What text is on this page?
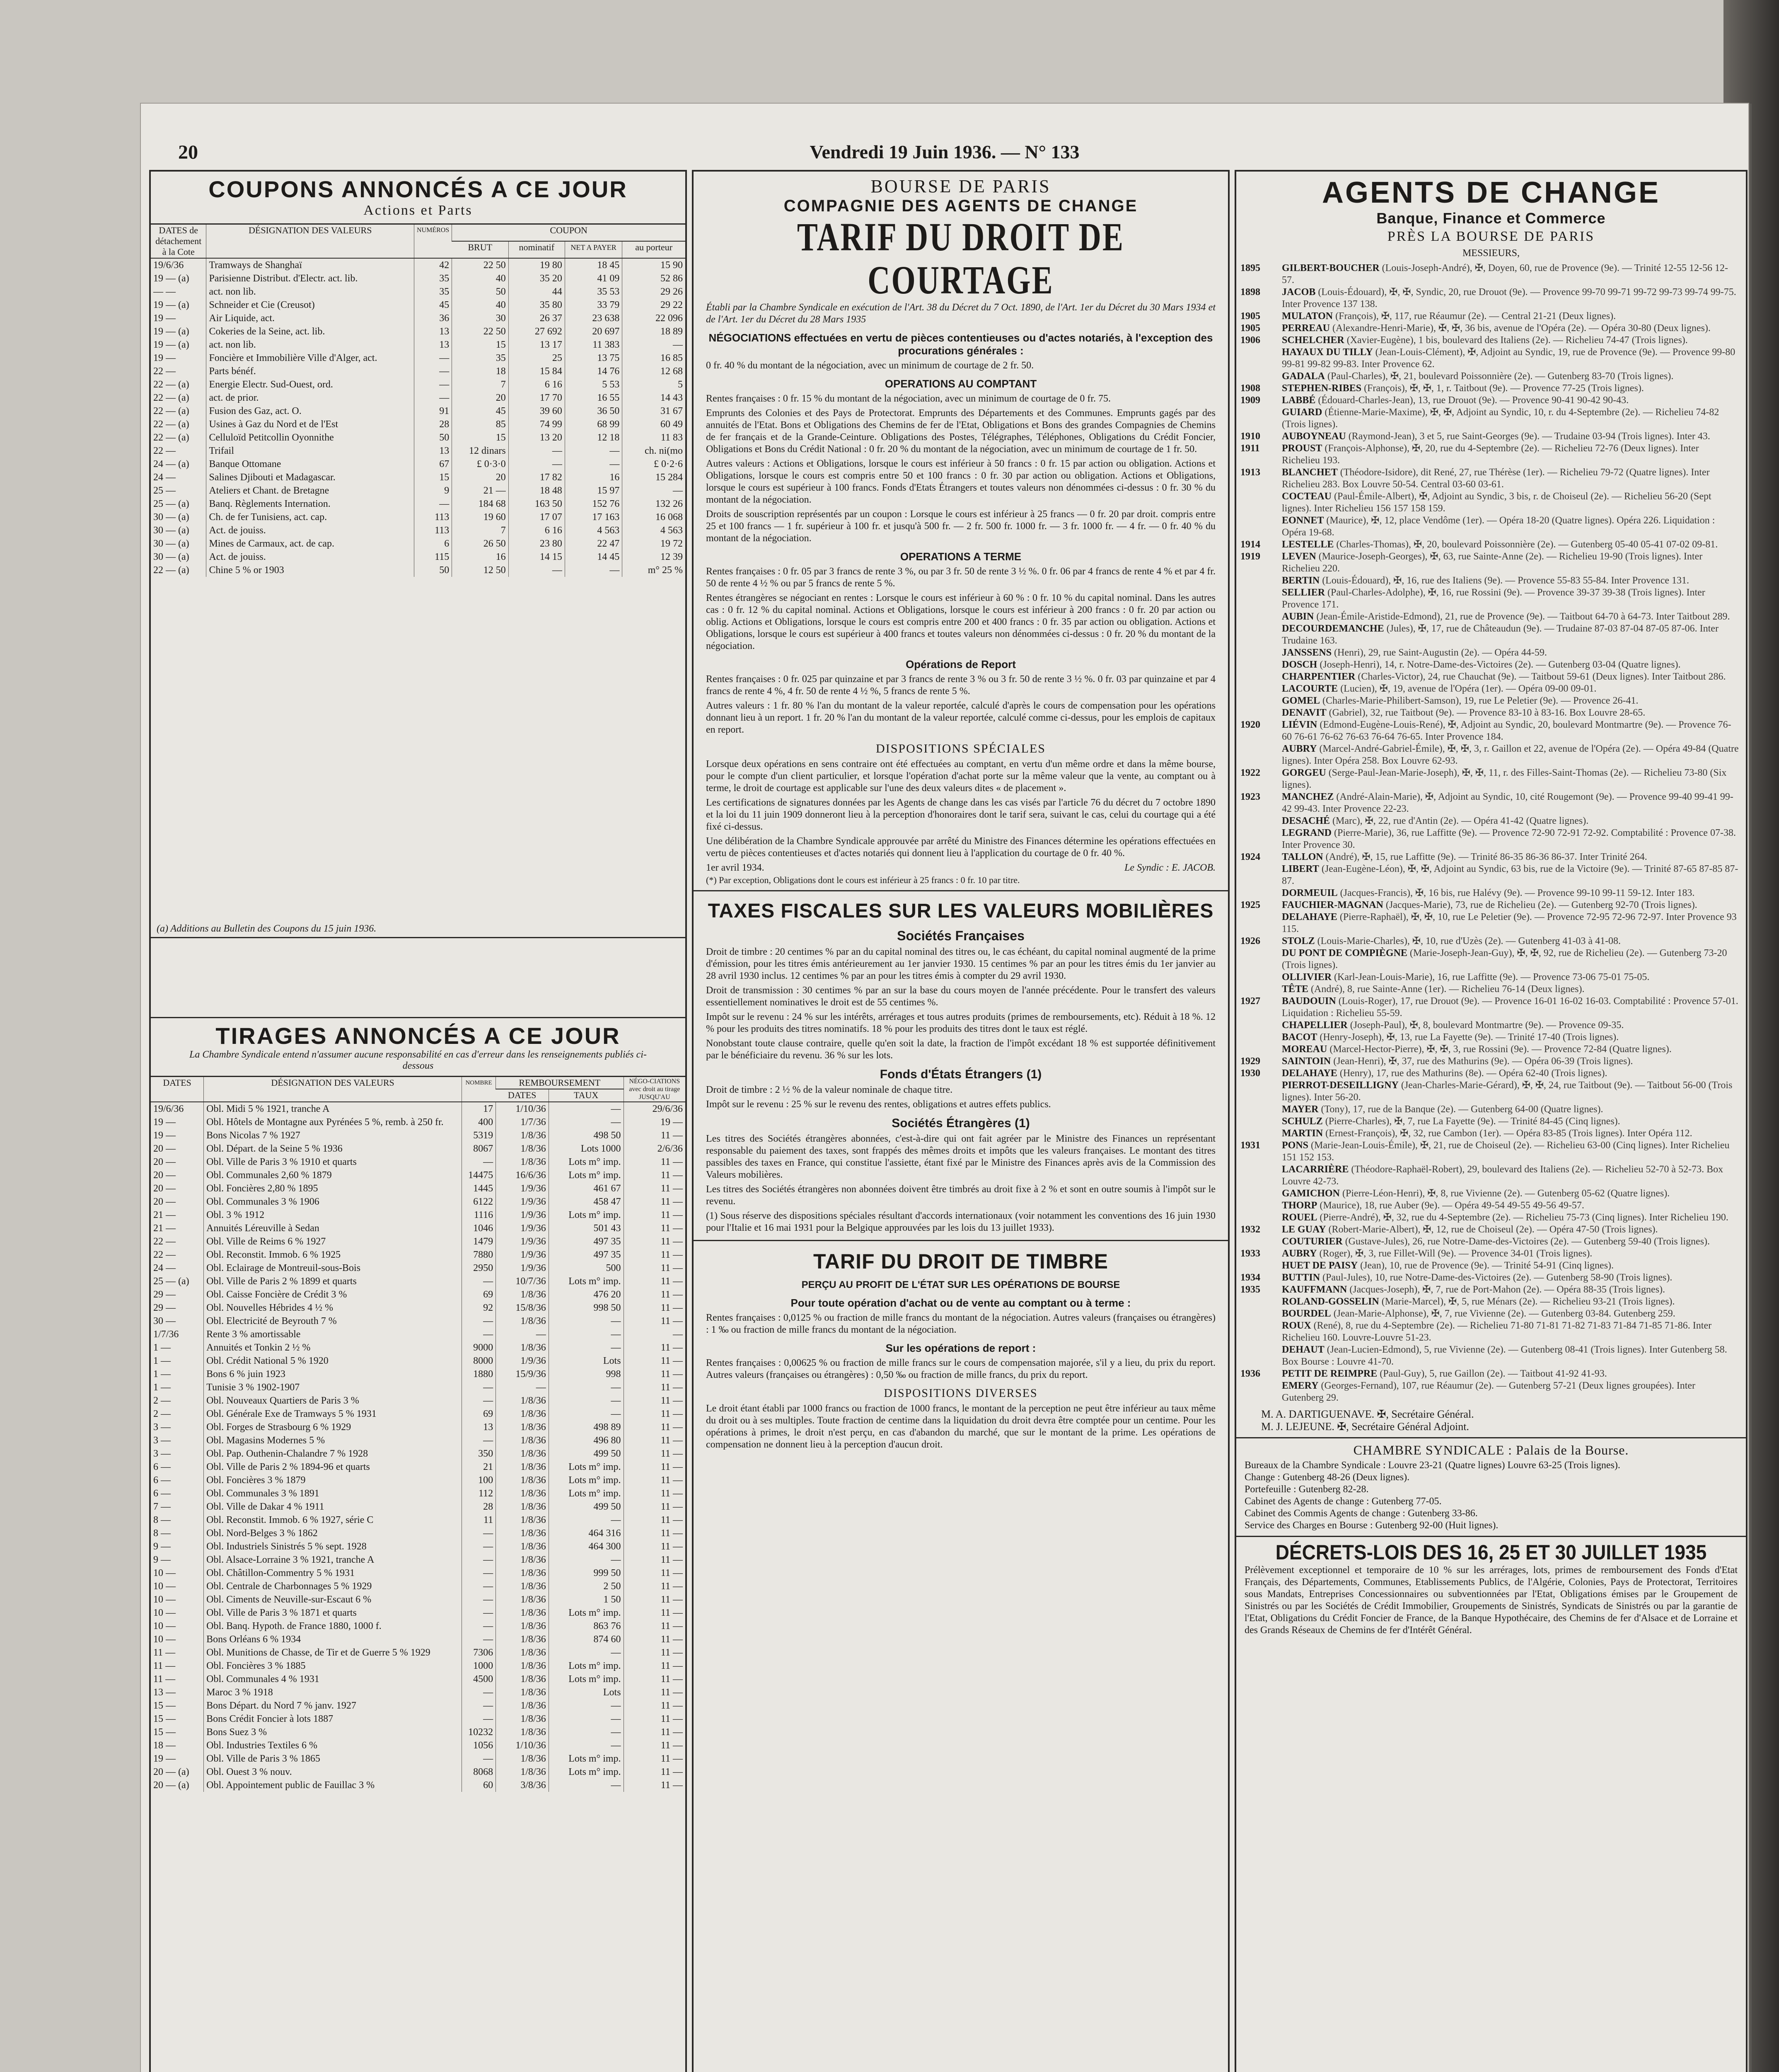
20	Vendredi 19 Juin 1936. — N° 133
COUPONS ANNONCÉS A CE JOUR
Actions et Parts
DATES de détachement à la Cote	DÉSIGNATION DES VALEURS	NUMÉROS	COUPON			
			BRUT	nominatif	NET A PAYER	au porteur
19/6/36	Tramways de Shanghaï	42	22 50	19 80	18 45	15 90
19 — (a)	Parisienne Distribut. d'Electr. act. lib.	35	40	35 20	41 09	52 86
— —	act. non lib.	35	50	44	35 53	29 26
19 — (a)	Schneider et Cie (Creusot)	45	40	35 80	33 79	29 22
19 —	Air Liquide, act.	36	30	26 37	23 638	22 096
19 — (a)	Cokeries de la Seine, act. lib.	13	22 50	27 692	20 697	18 89
19 — (a)	act. non lib.	13	15	13 17	11 383	—
19 —	Foncière et Immobilière Ville d'Alger, act.	—	35	25	13 75	16 85
22 —	Parts bénéf.	—	18	15 84	14 76	12 68
22 — (a)	Energie Electr. Sud-Ouest, ord.	—	7	6 16	5 53	5
22 — (a)	act. de prior.	—	20	17 70	16 55	14 43
22 — (a)	Fusion des Gaz, act. O.	91	45	39 60	36 50	31 67
22 — (a)	Usines à Gaz du Nord et de l'Est	28	85	74 99	68 99	60 49
22 — (a)	Celluloïd Petitcollin Oyonnithe	50	15	13 20	12 18	11 83
22 —	Trifail	13	12 dinars	—	—	ch. ni(mo
24 — (a)	Banque Ottomane	67	£ 0·3·0	—	—	£ 0·2·6
24 —	Salines Djibouti et Madagascar.	15	20	17 82	16	15 284
25 —	Ateliers et Chant. de Bretagne	9	21 —	18 48	15 97	—
25 — (a)	Banq. Règlements Internation.	—	184 68	163 50	152 76	132 26
30 — (a)	Ch. de fer Tunisiens, act. cap.	113	19 60	17 07	17 163	16 068
30 — (a)	Act. de jouiss.	113	7	6 16	4 563	4 563
30 — (a)	Mines de Carmaux, act. de cap.	6	26 50	23 80	22 47	19 72
30 — (a)	Act. de jouiss.	115	16	14 15	14 45	12 39
22 — (a)	Chine 5 % or 1903	50	12 50	—	—	m° 25 %
(a) Additions au Bulletin des Coupons du 15 juin 1936.
TIRAGES ANNONCÉS A CE JOUR
La Chambre Syndicale entend n'assumer aucune responsabilité en cas d'erreur dans les renseignements publiés ci-dessous
DATES	DÉSIGNATION DES VALEURS	NOMBRE	REMBOURSEMENT		NÉGO-CIATIONS avec droit au tirage JUSQU'AU
			DATES	TAUX	
19/6/36	Obl. Midi 5 % 1921, tranche A	17	1/10/36	—	29/6/36
19 —	Obl. Hôtels de Montagne aux Pyrénées 5 %, remb. à 250 fr.	400	1/7/36	—	19 —
19 —	Bons Nicolas 7 % 1927	5319	1/8/36	498 50	11 —
20 —	Obl. Départ. de la Seine 5 % 1936	8067	1/8/36	Lots 1000	2/6/36
20 —	Obl. Ville de Paris 3 % 1910 et quarts	—	1/8/36	Lots m° imp.	11 —
20 —	Obl. Communales 2,60 % 1879	14475	16/6/36	Lots m° imp.	11 —
20 —	Obl. Foncières 2,80 % 1895	1445	1/9/36	461 67	11 —
20 —	Obl. Communales 3 % 1906	6122	1/9/36	458 47	11 —
21 —	Obl. 3 % 1912	1116	1/9/36	Lots m° imp.	11 —
21 —	Annuités Léreuville à Sedan	1046	1/9/36	501 43	11 —
22 —	Obl. Ville de Reims 6 % 1927	1479	1/9/36	497 35	11 —
22 —	Obl. Reconstit. Immob. 6 % 1925	7880	1/9/36	497 35	11 —
24 —	Obl. Eclairage de Montreuil-sous-Bois	2950	1/9/36	500	11 —
25 — (a)	Obl. Ville de Paris 2 % 1899 et quarts	—	10/7/36	Lots m° imp.	11 —
29 —	Obl. Caisse Foncière de Crédit 3 %	69	1/8/36	476 20	11 —
29 —	Obl. Nouvelles Hébrides 4 ½ %	92	15/8/36	998 50	11 —
30 —	Obl. Electricité de Beyrouth 7 %	—	1/8/36	—	11 —
1/7/36	Rente 3 % amortissable	—	—	—	—
1 —	Annuités et Tonkin 2 ½ %	9000	1/8/36	—	11 —
1 —	Obl. Crédit National 5 % 1920	8000	1/9/36	Lots	11 —
1 —	Bons 6 % juin 1923	1880	15/9/36	998	11 —
1 —	Tunisie 3 % 1902-1907	—	—	—	11 —
2 —	Obl. Nouveaux Quartiers de Paris 3 %	—	1/8/36	—	11 —
2 —	Obl. Générale Exe de Tramways 5 % 1931	69	1/8/36	—	11 —
3 —	Obl. Forges de Strasbourg 6 % 1929	13	1/8/36	498 89	11 —
3 —	Obl. Magasins Modernes 5 %	—	1/8/36	496 80	11 —
3 —	Obl. Pap. Outhenin-Chalandre 7 % 1928	350	1/8/36	499 50	11 —
6 —	Obl. Ville de Paris 2 % 1894-96 et quarts	21	1/8/36	Lots m° imp.	11 —
6 —	Obl. Foncières 3 % 1879	100	1/8/36	Lots m° imp.	11 —
6 —	Obl. Communales 3 % 1891	112	1/8/36	Lots m° imp.	11 —
7 —	Obl. Ville de Dakar 4 % 1911	28	1/8/36	499 50	11 —
8 —	Obl. Reconstit. Immob. 6 % 1927, série C	11	1/8/36	—	11 —
8 —	Obl. Nord-Belges 3 % 1862	—	1/8/36	464 316	11 —
9 —	Obl. Industriels Sinistrés 5 % sept. 1928	—	1/8/36	464 300	11 —
9 —	Obl. Alsace-Lorraine 3 % 1921, tranche A	—	1/8/36	—	11 —
10 —	Obl. Châtillon-Commentry 5 % 1931	—	1/8/36	999 50	11 —
10 —	Obl. Centrale de Charbonnages 5 % 1929	—	1/8/36	2 50	11 —
10 —	Obl. Ciments de Neuville-sur-Escaut 6 %	—	1/8/36	1 50	11 —
10 —	Obl. Ville de Paris 3 % 1871 et quarts	—	1/8/36	Lots m° imp.	11 —
10 —	Obl. Banq. Hypoth. de France 1880, 1000 f.	—	1/8/36	863 76	11 —
10 —	Bons Orléans 6 % 1934	—	1/8/36	874 60	11 —
11 —	Obl. Munitions de Chasse, de Tir et de Guerre 5 % 1929	7306	1/8/36	—	11 —
11 —	Obl. Foncières 3 % 1885	1000	1/8/36	Lots m° imp.	11 —
11 —	Obl. Communales 4 % 1931	4500	1/8/36	Lots m° imp.	11 —
13 —	Maroc 3 % 1918	—	1/8/36	Lots	11 —
15 —	Bons Départ. du Nord 7 % janv. 1927	—	1/8/36	—	11 —
15 —	Bons Crédit Foncier à lots 1887	—	1/8/36	—	11 —
15 —	Bons Suez 3 %	10232	1/8/36	—	11 —
18 —	Obl. Industries Textiles 6 %	1056	1/10/36	—	11 —
19 —	Obl. Ville de Paris 3 % 1865	—	1/8/36	Lots m° imp.	11 —
20 — (a)	Obl. Ouest 3 % nouv.	8068	1/8/36	Lots m° imp.	11 —
20 — (a)	Obl. Appointement public de Fauillac 3 %	60	3/8/36	—	11 —
BOURSE DE PARIS
COMPAGNIE DES AGENTS DE CHANGE
TARIF DU DROIT DE COURTAGE
Établi par la Chambre Syndicale en exécution de l'Art. 38 du Décret du 7 Oct. 1890, de l'Art. 1er du Décret du 30 Mars 1934 et de l'Art. 1er du Décret du 28 Mars 1935
NÉGOCIATIONS effectuées en vertu de pièces contentieuses ou d'actes notariés, à l'exception des procurations générales :
0 fr. 40 % du montant de la négociation, avec un minimum de courtage de 2 fr. 50.
OPERATIONS AU COMPTANT
Rentes françaises : 0 fr. 15 % du montant de la négociation, avec un minimum de courtage de 0 fr. 75.
Emprunts des Colonies et des Pays de Protectorat. Emprunts des Départements et des Communes. Emprunts gagés par des annuités de l'Etat. Bons et Obligations des Chemins de fer de l'Etat, Obligations et Bons des grandes Compagnies de Chemins de fer français et de la Grande-Ceinture. Obligations des Postes, Télégraphes, Téléphones, Obligations du Crédit Foncier, Obligations et Bons du Crédit National : 0 fr. 20 % du montant de la négociation, avec un minimum de courtage de 1 fr. 50.
Autres valeurs : Actions et Obligations, lorsque le cours est inférieur à 50 francs : 0 fr. 15 par action ou obligation. Actions et Obligations, lorsque le cours est compris entre 50 et 100 francs : 0 fr. 30 par action ou obligation. Actions et Obligations, lorsque le cours est supérieur à 100 francs. Fonds d'Etats Étrangers et toutes valeurs non dénommées ci-dessus : 0 fr. 30 % du montant de la négociation.
Droits de souscription représentés par un coupon : Lorsque le cours est inférieur à 25 francs — 0 fr. 20 par droit. compris entre 25 et 100 francs — 1 fr. supérieur à 100 fr. et jusqu'à 500 fr. — 2 fr. 500 fr. 1000 fr. — 3 fr. 1000 fr. — 4 fr. — 0 fr. 40 % du montant de la négociation.
OPERATIONS A TERME
Rentes françaises : 0 fr. 05 par 3 francs de rente 3 %, ou par 3 fr. 50 de rente 3 ½ %. 0 fr. 06 par 4 francs de rente 4 % et par 4 fr. 50 de rente 4 ½ % ou par 5 francs de rente 5 %.
Rentes étrangères se négociant en rentes : Lorsque le cours est inférieur à 60 % : 0 fr. 10 % du capital nominal. Dans les autres cas : 0 fr. 12 % du capital nominal. Actions et Obligations, lorsque le cours est inférieur à 200 francs : 0 fr. 20 par action ou oblig. Actions et Obligations, lorsque le cours est compris entre 200 et 400 francs : 0 fr. 35 par action ou obligation. Actions et Obligations, lorsque le cours est supérieur à 400 francs et toutes valeurs non dénommées ci-dessus : 0 fr. 20 % du montant de la négociation.
Opérations de Report
Rentes françaises : 0 fr. 025 par quinzaine et par 3 francs de rente 3 % ou 3 fr. 50 de rente 3 ½ %. 0 fr. 03 par quinzaine et par 4 francs de rente 4 %, 4 fr. 50 de rente 4 ½ %, 5 francs de rente 5 %.
Autres valeurs : 1 fr. 80 % l'an du montant de la valeur reportée, calculé d'après le cours de compensation pour les opérations donnant lieu à un report. 1 fr. 20 % l'an du montant de la valeur reportée, calculé comme ci-dessus, pour les emplois de capitaux en report.
DISPOSITIONS SPÉCIALES
Lorsque deux opérations en sens contraire ont été effectuées au comptant, en vertu d'un même ordre et dans la même bourse, pour le compte d'un client particulier, et lorsque l'opération d'achat porte sur la même valeur que la vente, au comptant ou à terme, le droit de courtage est applicable sur l'une des deux valeurs dites « de placement ».
Les certifications de signatures données par les Agents de change dans les cas visés par l'article 76 du décret du 7 octobre 1890 et la loi du 11 juin 1909 donneront lieu à la perception d'honoraires dont le tarif sera, suivant le cas, celui du courtage qui a été fixé ci-dessus.
Une délibération de la Chambre Syndicale approuvée par arrêté du Ministre des Finances détermine les opérations effectuées en vertu de pièces contentieuses et d'actes notariés qui donnent lieu à l'application du courtage de 0 fr. 40 %.
1er avril 1934.	Le Syndic : E. JACOB.
(*) Par exception, Obligations dont le cours est inférieur à 25 francs : 0 fr. 10 par titre.
TAXES FISCALES SUR LES VALEURS MOBILIÈRES
Sociétés Françaises
Droit de timbre : 20 centimes % par an du capital nominal des titres ou, le cas échéant, du capital nominal augmenté de la prime d'émission, pour les titres émis antérieurement au 1er janvier 1930. 15 centimes % par an pour les titres émis du 1er janvier au 28 avril 1930 inclus. 12 centimes % par an pour les titres émis à compter du 29 avril 1930.
Droit de transmission : 30 centimes % par an sur la base du cours moyen de l'année précédente. Pour le transfert des valeurs essentiellement nominatives le droit est de 55 centimes %.
Impôt sur le revenu : 24 % sur les intérêts, arrérages et tous autres produits (primes de remboursements, etc). Réduit à 18 %. 12 % pour les produits des titres nominatifs. 18 % pour les produits des titres dont le taux est réglé.
Nonobstant toute clause contraire, quelle qu'en soit la date, la fraction de l'impôt excédant 18 % est supportée définitivement par le bénéficiaire du revenu. 36 % sur les lots.
Fonds d'États Étrangers (1)
Droit de timbre : 2 ½ % de la valeur nominale de chaque titre.
Impôt sur le revenu : 25 % sur le revenu des rentes, obligations et autres effets publics.
Sociétés Étrangères (1)
Les titres des Sociétés étrangères abonnées, c'est-à-dire qui ont fait agréer par le Ministre des Finances un représentant responsable du paiement des taxes, sont frappés des mêmes droits et impôts que les valeurs françaises. Le montant des titres passibles des taxes en France, qui constitue l'assiette, étant fixé par le Ministre des Finances après avis de la Commission des Valeurs mobilières.
Les titres des Sociétés étrangères non abonnées doivent être timbrés au droit fixe à 2 % et sont en outre soumis à l'impôt sur le revenu.
(1) Sous réserve des dispositions spéciales résultant d'accords internationaux (voir notamment les conventions des 16 juin 1930 pour l'Italie et 16 mai 1931 pour la Belgique approuvées par les lois du 13 juillet 1933).
TARIF DU DROIT DE TIMBRE
PERÇU AU PROFIT DE L'ÉTAT SUR LES OPÉRATIONS DE BOURSE
Pour toute opération d'achat ou de vente au comptant ou à terme :
Rentes françaises : 0,0125 % ou fraction de mille francs du montant de la négociation. Autres valeurs (françaises ou étrangères) : 1 ‰ ou fraction de mille francs du montant de la négociation.
Sur les opérations de report :
Rentes françaises : 0,00625 % ou fraction de mille francs sur le cours de compensation majorée, s'il y a lieu, du prix du report. Autres valeurs (françaises ou étrangères) : 0,50 ‰ ou fraction de mille francs, du prix du report.
DISPOSITIONS DIVERSES
Le droit étant établi par 1000 francs ou fraction de 1000 francs, le montant de la perception ne peut être inférieur au taux même du droit ou à ses multiples. Toute fraction de centime dans la liquidation du droit devra être comptée pour un centime. Pour les opérations à primes, le droit n'est perçu, en cas d'abandon du marché, que sur le montant de la prime. Les opérations de compensation ne donnent lieu à la perception d'aucun droit.
AGENTS DE CHANGE
Banque, Finance et Commerce
PRÈS LA BOURSE DE PARIS
MESSIEURS,
1895 GILBERT-BOUCHER (Louis-Joseph-André), ✠, Doyen, 60, rue de Provence (9e). — Trinité 12-55 12-56 12-57.
1898 JACOB (Louis-Édouard), ✠, ✠, Syndic, 20, rue Drouot (9e). — Provence 99-70 99-71 99-72 99-73 99-74 99-75. Inter Provence 137 138.
1905 MULATON (François), ✠, 117, rue Réaumur (2e). — Central 21-21 (Deux lignes).
1905 PERREAU (Alexandre-Henri-Marie), ✠, ✠, 36 bis, avenue de l'Opéra (2e). — Opéra 30-80 (Deux lignes).
1906 SCHELCHER (Xavier-Eugène), 1 bis, boulevard des Italiens (2e). — Richelieu 74-47 (Trois lignes).
HAYAUX DU TILLY (Jean-Louis-Clément), ✠, Adjoint au Syndic, 19, rue de Provence (9e). — Provence 99-80 99-81 99-82 99-83. Inter Provence 62.
GADALA (Paul-Charles), ✠, 21, boulevard Poissonnière (2e). — Gutenberg 83-70 (Trois lignes).
1908 STEPHEN-RIBES (François), ✠, ✠, 1, r. Taitbout (9e). — Provence 77-25 (Trois lignes).
1909 LABBÉ (Édouard-Charles-Jean), 13, rue Drouot (9e). — Provence 90-41 90-42 90-43.
GUIARD (Étienne-Marie-Maxime), ✠, ✠, Adjoint au Syndic, 10, r. du 4-Septembre (2e). — Richelieu 74-82 (Trois lignes).
1910 AUBOYNEAU (Raymond-Jean), 3 et 5, rue Saint-Georges (9e). — Trudaine 03-94 (Trois lignes). Inter 43.
1911 PROUST (François-Alphonse), ✠, 20, rue du 4-Septembre (2e). — Richelieu 72-76 (Deux lignes). Inter Richelieu 193.
1913 BLANCHET (Théodore-Isidore), dit René, 27, rue Thérèse (1er). — Richelieu 79-72 (Quatre lignes). Inter Richelieu 283. Box Louvre 50-54. Central 03-60 03-61.
COCTEAU (Paul-Émile-Albert), ✠, Adjoint au Syndic, 3 bis, r. de Choiseul (2e). — Richelieu 56-20 (Sept lignes). Inter Richelieu 156 157 158 159.
EONNET (Maurice), ✠, 12, place Vendôme (1er). — Opéra 18-20 (Quatre lignes). Opéra 226. Liquidation : Opéra 19-68.
1914 LESTELLE (Charles-Thomas), ✠, 20, boulevard Poissonnière (2e). — Gutenberg 05-40 05-41 07-02 09-81.
1919 LEVEN (Maurice-Joseph-Georges), ✠, 63, rue Sainte-Anne (2e). — Richelieu 19-90 (Trois lignes). Inter Richelieu 220.
BERTIN (Louis-Édouard), ✠, 16, rue des Italiens (9e). — Provence 55-83 55-84. Inter Provence 131.
SELLIER (Paul-Charles-Adolphe), ✠, 16, rue Rossini (9e). — Provence 39-37 39-38 (Trois lignes). Inter Provence 171.
AUBIN (Jean-Émile-Aristide-Edmond), 21, rue de Provence (9e). — Taitbout 64-70 à 64-73. Inter Taitbout 289.
DECOURDEMANCHE (Jules), ✠, 17, rue de Châteaudun (9e). — Trudaine 87-03 87-04 87-05 87-06. Inter Trudaine 163.
JANSSENS (Henri), 29, rue Saint-Augustin (2e). — Opéra 44-59.
DOSCH (Joseph-Henri), 14, r. Notre-Dame-des-Victoires (2e). — Gutenberg 03-04 (Quatre lignes).
CHARPENTIER (Charles-Victor), 24, rue Chauchat (9e). — Taitbout 59-61 (Deux lignes). Inter Taitbout 286.
LACOURTE (Lucien), ✠, 19, avenue de l'Opéra (1er). — Opéra 09-00 09-01.
GOMEL (Charles-Marie-Philibert-Samson), 19, rue Le Peletier (9e). — Provence 26-41.
DENAVIT (Gabriel), 32, rue Taitbout (9e). — Provence 83-10 à 83-16. Box Louvre 28-65.
1920 LIÉVIN (Edmond-Eugène-Louis-René), ✠, Adjoint au Syndic, 20, boulevard Montmartre (9e). — Provence 76-60 76-61 76-62 76-63 76-64 76-65. Inter Provence 184.
AUBRY (Marcel-André-Gabriel-Émile), ✠, ✠, 3, r. Gaillon et 22, avenue de l'Opéra (2e). — Opéra 49-84 (Quatre lignes). Inter Opéra 258. Box Louvre 62-93.
1922 GORGEU (Serge-Paul-Jean-Marie-Joseph), ✠, ✠, 11, r. des Filles-Saint-Thomas (2e). — Richelieu 73-80 (Six lignes).
1923 MANCHEZ (André-Alain-Marie), ✠, Adjoint au Syndic, 10, cité Rougemont (9e). — Provence 99-40 99-41 99-42 99-43. Inter Provence 22-23.
DESACHÉ (Marc), ✠, 22, rue d'Antin (2e). — Opéra 41-42 (Quatre lignes).
LEGRAND (Pierre-Marie), 36, rue Laffitte (9e). — Provence 72-90 72-91 72-92. Comptabilité : Provence 07-38. Inter Provence 30.
1924 TALLON (André), ✠, 15, rue Laffitte (9e). — Trinité 86-35 86-36 86-37. Inter Trinité 264.
LIBERT (Jean-Eugène-Léon), ✠, ✠, Adjoint au Syndic, 63 bis, rue de la Victoire (9e). — Trinité 87-65 87-85 87-87.
DORMEUIL (Jacques-Francis), ✠, 16 bis, rue Halévy (9e). — Provence 99-10 99-11 59-12. Inter 183.
1925 FAUCHIER-MAGNAN (Jacques-Marie), 73, rue de Richelieu (2e). — Gutenberg 92-70 (Trois lignes).
DELAHAYE (Pierre-Raphaël), ✠, ✠, 10, rue Le Peletier (9e). — Provence 72-95 72-96 72-97. Inter Provence 93 115.
1926 STOLZ (Louis-Marie-Charles), ✠, 10, rue d'Uzès (2e). — Gutenberg 41-03 à 41-08.
DU PONT DE COMPIÈGNE (Marie-Joseph-Jean-Guy), ✠, ✠, 92, rue de Richelieu (2e). — Gutenberg 73-20 (Trois lignes).
OLLIVIER (Karl-Jean-Louis-Marie), 16, rue Laffitte (9e). — Provence 73-06 75-01 75-05.
TÊTE (André), 8, rue Sainte-Anne (1er). — Richelieu 76-14 (Deux lignes).
1927 BAUDOUIN (Louis-Roger), 17, rue Drouot (9e). — Provence 16-01 16-02 16-03. Comptabilité : Provence 57-01. Liquidation : Richelieu 55-59.
CHAPELLIER (Joseph-Paul), ✠, 8, boulevard Montmartre (9e). — Provence 09-35.
BACOT (Henry-Joseph), ✠, 13, rue La Fayette (9e). — Trinité 17-40 (Trois lignes).
MOREAU (Marcel-Hector-Pierre), ✠, ✠, 3, rue Rossini (9e). — Provence 72-84 (Quatre lignes).
1929 SAINTOIN (Jean-Henri), ✠, 37, rue des Mathurins (9e). — Opéra 06-39 (Trois lignes).
1930 DELAHAYE (Henry), 17, rue des Mathurins (8e). — Opéra 62-40 (Trois lignes).
PIERROT-DESEILLIGNY (Jean-Charles-Marie-Gérard), ✠, ✠, 24, rue Taitbout (9e). — Taitbout 56-00 (Trois lignes). Inter 56-20.
MAYER (Tony), 17, rue de la Banque (2e). — Gutenberg 64-00 (Quatre lignes).
SCHULZ (Pierre-Charles), ✠, 7, rue La Fayette (9e). — Trinité 84-45 (Cinq lignes).
MARTIN (Ernest-François), ✠, 32, rue Cambon (1er). — Opéra 83-85 (Trois lignes). Inter Opéra 112.
1931 PONS (Marie-Jean-Louis-Émile), ✠, 21, rue de Choiseul (2e). — Richelieu 63-00 (Cinq lignes). Inter Richelieu 151 152 153.
LACARRIÈRE (Théodore-Raphaël-Robert), 29, boulevard des Italiens (2e). — Richelieu 52-70 à 52-73. Box Louvre 42-73.
GAMICHON (Pierre-Léon-Henri), ✠, 8, rue Vivienne (2e). — Gutenberg 05-62 (Quatre lignes).
THORP (Maurice), 18, rue Auber (9e). — Opéra 49-54 49-55 49-56 49-57.
ROUEL (Pierre-André), ✠, 32, rue du 4-Septembre (2e). — Richelieu 75-73 (Cinq lignes). Inter Richelieu 190.
1932 LE GUAY (Robert-Marie-Albert), ✠, 12, rue de Choiseul (2e). — Opéra 47-50 (Trois lignes).
COUTURIER (Gustave-Jules), 26, rue Notre-Dame-des-Victoires (2e). — Gutenberg 59-40 (Trois lignes).
1933 AUBRY (Roger), ✠, 3, rue Fillet-Will (9e). — Provence 34-01 (Trois lignes).
HUET DE PAISY (Jean), 10, rue de Provence (9e). — Trinité 54-91 (Cinq lignes).
1934 BUTTIN (Paul-Jules), 10, rue Notre-Dame-des-Victoires (2e). — Gutenberg 58-90 (Trois lignes).
1935 KAUFFMANN (Jacques-Joseph), ✠, 7, rue de Port-Mahon (2e). — Opéra 88-35 (Trois lignes).
ROLAND-GOSSELIN (Marie-Marcel), ✠, 5, rue Ménars (2e). — Richelieu 93-21 (Trois lignes).
BOURDEL (Jean-Marie-Alphonse), ✠, 7, rue Vivienne (2e). — Gutenberg 03-84. Gutenberg 259.
ROUX (René), 8, rue du 4-Septembre (2e). — Richelieu 71-80 71-81 71-82 71-83 71-84 71-85 71-86. Inter Richelieu 160. Louvre-Louvre 51-23.
DEHAUT (Jean-Lucien-Edmond), 5, rue Vivienne (2e). — Gutenberg 08-41 (Trois lignes). Inter Gutenberg 58. Box Bourse : Louvre 41-70.
1936 PETIT DE REIMPRE (Paul-Guy), 5, rue Gaillon (2e). — Taitbout 41-92 41-93.
EMERY (Georges-Fernand), 107, rue Réaumur (2e). — Gutenberg 57-21 (Deux lignes groupées). Inter Gutenberg 29.
M. A. DARTIGUENAVE. ✠, Secrétaire Général.
M. J. LEJEUNE. ✠, Secrétaire Général Adjoint.
CHAMBRE SYNDICALE : Palais de la Bourse.
Bureaux de la Chambre Syndicale : Louvre 23-21 (Quatre lignes) Louvre 63-25 (Trois lignes).
Change : Gutenberg 48-26 (Deux lignes).
Portefeuille : Gutenberg 82-28.
Cabinet des Agents de change : Gutenberg 77-05.
Cabinet des Commis Agents de change : Gutenberg 33-86.
Service des Charges en Bourse : Gutenberg 92-00 (Huit lignes).
DÉCRETS-LOIS DES 16, 25 ET 30 JUILLET 1935
Prélèvement exceptionnel et temporaire de 10 % sur les arrérages, lots, primes de remboursement des Fonds d'Etat Français, des Départements, Communes, Etablissements Publics, de l'Algérie, Colonies, Pays de Protectorat, Territoires sous Mandats, Entreprises Concessionnaires ou subventionnées par l'Etat, Obligations émises par le Groupement de Sinistrés ou par les Sociétés de Crédit Immobilier, Groupements de Sinistrés, Syndicats de Sinistrés ou par la garantie de l'Etat, Obligations du Crédit Foncier de France, de la Banque Hypothécaire, des Chemins de fer d'Alsace et de Lorraine et des Grands Réseaux de Chemins de fer d'Intérêt Général.
